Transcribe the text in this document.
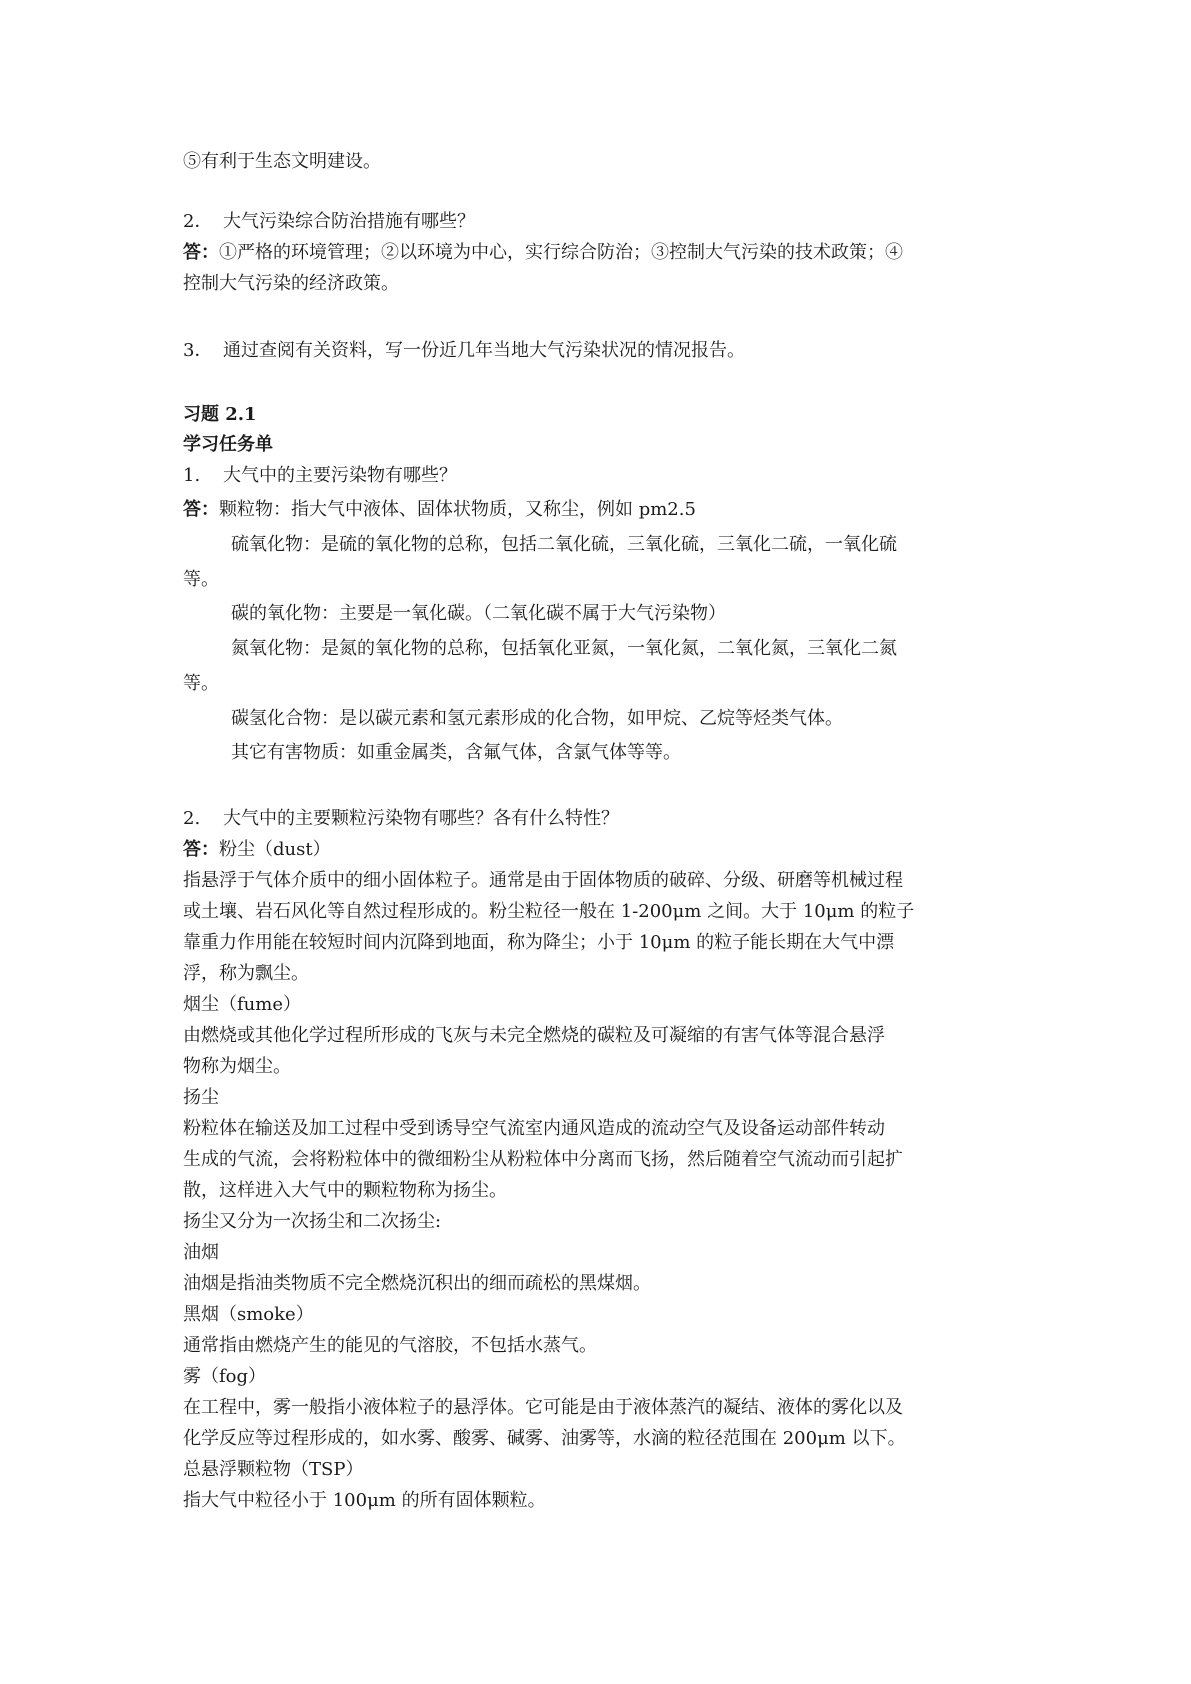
⑤有利于生态文明建设。
2． 大气污染综合防治措施有哪些？
答：①严格的环境管理；②以环境为中心，实行综合防治；③控制大气污染的技术政策；④
控制大气污染的经济政策。
3． 通过查阅有关资料，写一份近几年当地大气污染状况的情况报告。
习题 2.1
学习任务单
1. 大气中的主要污染物有哪些？
答：颗粒物：指大气中液体、固体状物质，又称尘，例如 pm2.5
硫氧化物：是硫的氧化物的总称，包括二氧化硫，三氧化硫，三氧化二硫，一氧化硫
等。
碳的氧化物：主要是一氧化碳。（二氧化碳不属于大气污染物）
氮氧化物：是氮的氧化物的总称，包括氧化亚氮，一氧化氮，二氧化氮，三氧化二氮
等。
碳氢化合物：是以碳元素和氢元素形成的化合物，如甲烷、乙烷等烃类气体。
其它有害物质：如重金属类，含氟气体，含氯气体等等。
2. 大气中的主要颗粒污染物有哪些？各有什么特性？
答：粉尘（dust）
指悬浮于气体介质中的细小固体粒子。通常是由于固体物质的破碎、分级、研磨等机械过程
或土壤、岩石风化等自然过程形成的。粉尘粒径一般在 1-200μm 之间。大于 10μm 的粒子
靠重力作用能在较短时间内沉降到地面，称为降尘；小于 10μm 的粒子能长期在大气中漂
浮，称为飘尘。
烟尘（fume）
由燃烧或其他化学过程所形成的飞灰与未完全燃烧的碳粒及可凝缩的有害气体等混合悬浮
物称为烟尘。
扬尘
粉粒体在输送及加工过程中受到诱导空气流室内通风造成的流动空气及设备运动部件转动
生成的气流，会将粉粒体中的微细粉尘从粉粒体中分离而飞扬，然后随着空气流动而引起扩
散，这样进入大气中的颗粒物称为扬尘。
扬尘又分为一次扬尘和二次扬尘:
油烟
油烟是指油类物质不完全燃烧沉积出的细而疏松的黑煤烟。
黑烟（smoke）
通常指由燃烧产生的能见的气溶胶，不包括水蒸气。
雾（fog）
在工程中，雾一般指小液体粒子的悬浮体。它可能是由于液体蒸汽的凝结、液体的雾化以及
化学反应等过程形成的，如水雾、酸雾、碱雾、油雾等，水滴的粒径范围在 200μm 以下。
总悬浮颗粒物（TSP）
指大气中粒径小于 100μm 的所有固体颗粒。
